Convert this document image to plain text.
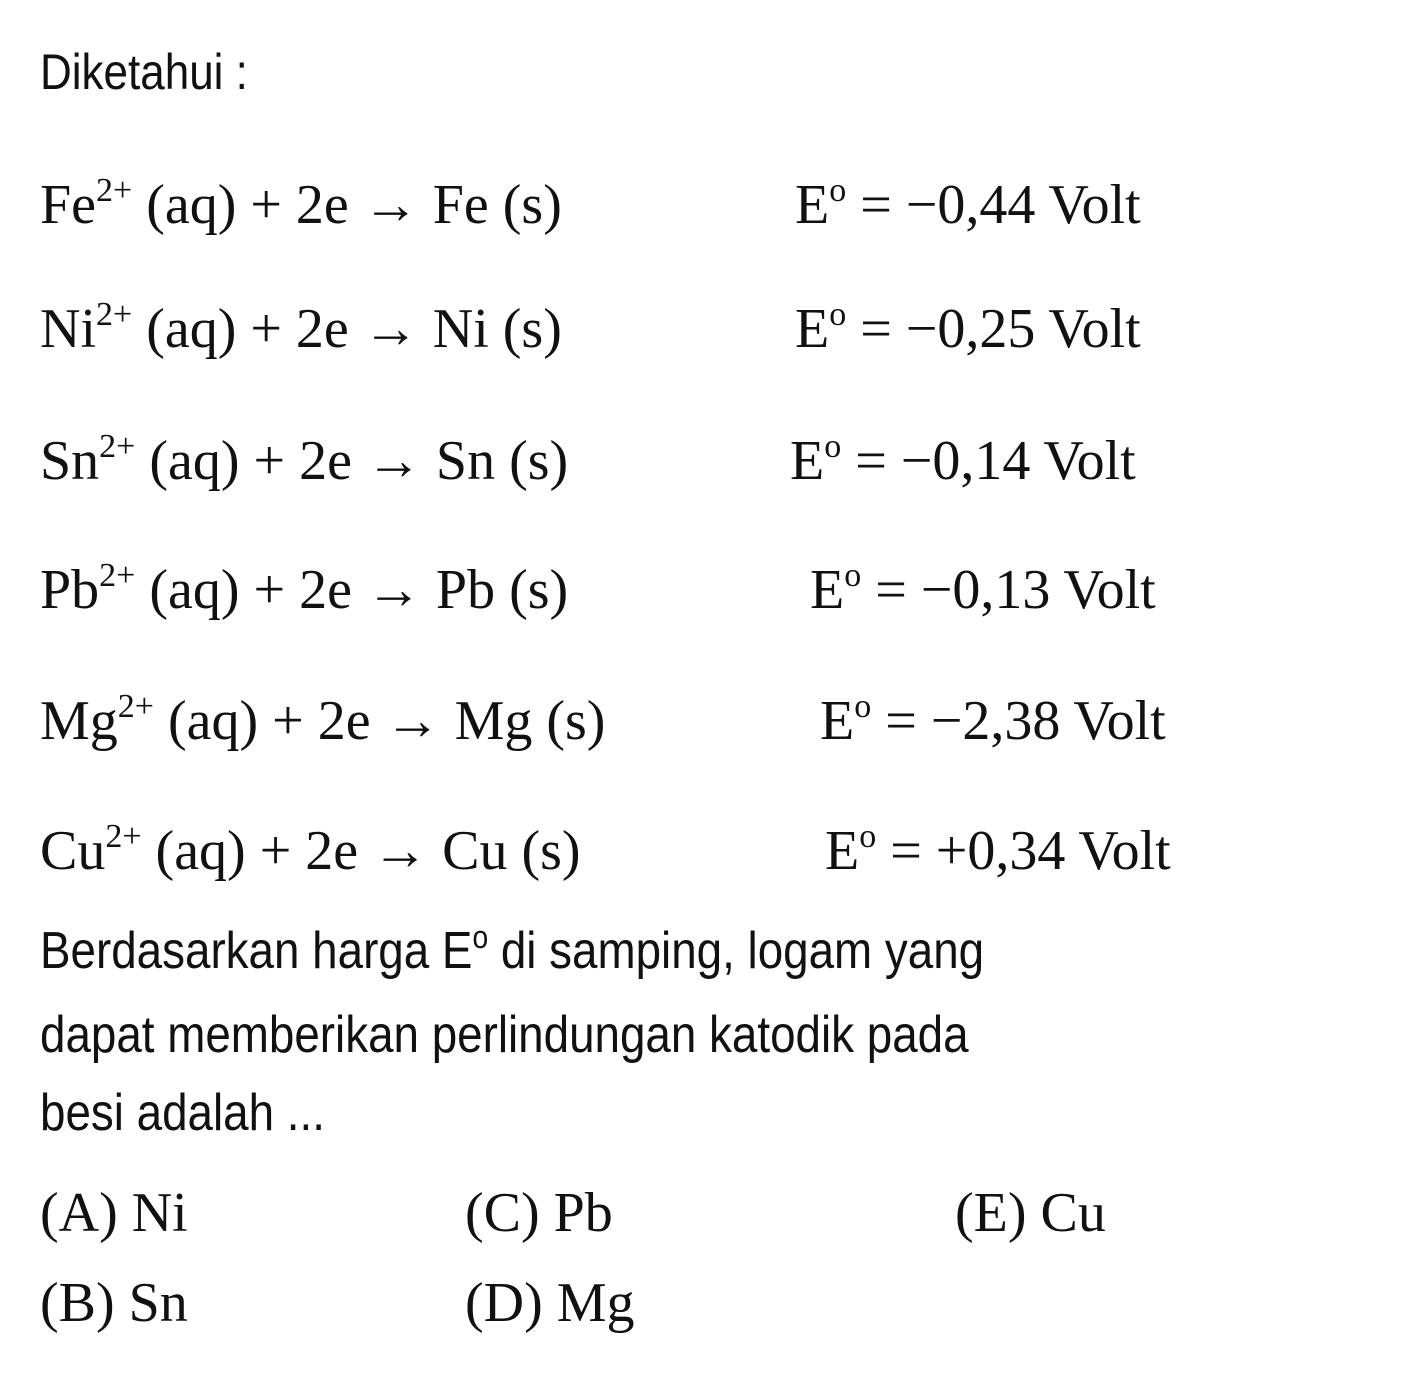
Diketahui :
$Fe^{2+}$ (aq) + 2e → Fe (s)	$E^o = -0,44$ Volt
$Ni^{2+}$ (aq) + 2e → Ni (s)	$E^o = -0,25$ Volt
$Sn^{2+}$ (aq) + 2e → Sn (s)	$E^o = -0,14$ Volt
$Pb^{2+}$ (aq) + 2e → Pb (s)	$E^o = -0,13$ Volt
$Mg^{2+}$ (aq) + 2e → Mg (s)	$E^o = -2,38$ Volt
$Cu^{2+}$ (aq) + 2e → Cu (s)	$E^o = +0,34$ Volt

Berdasarkan harga $E^o$ di samping, logam yang

dapat memberikan perlindungan katodik pada

besi adalah ...

(A) Ni
(B) Sn
(C) Pb
(D) Mg
(E) Cu
